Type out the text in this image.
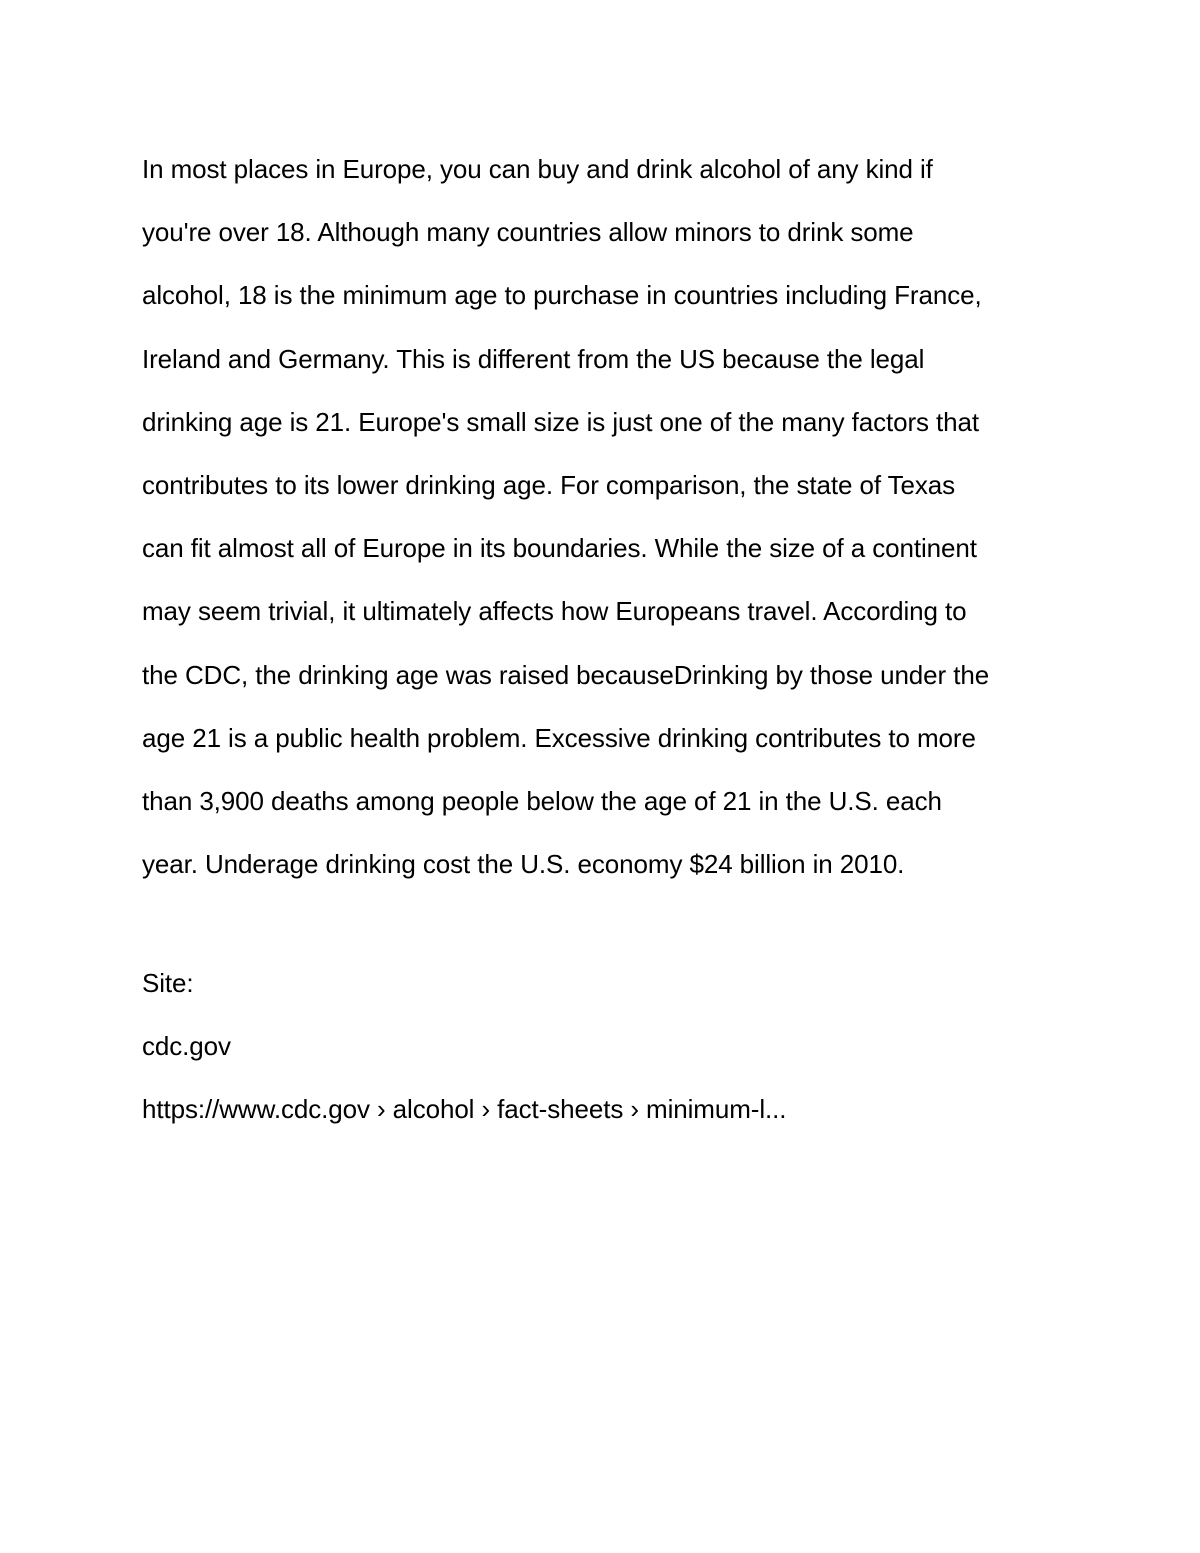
In most places in Europe, you can buy and drink alcohol of any kind if
you're over 18. Although many countries allow minors to drink some
alcohol, 18 is the minimum age to purchase in countries including France,
Ireland and Germany. This is different from the US because the legal
drinking age is 21. Europe's small size is just one of the many factors that
contributes to its lower drinking age. For comparison, the state of Texas
can fit almost all of Europe in its boundaries. While the size of a continent
may seem trivial, it ultimately affects how Europeans travel. According to
the CDC, the drinking age was raised becauseDrinking by those under the
age 21 is a public health problem. Excessive drinking contributes to more
than 3,900 deaths among people below the age of 21 in the U.S. each
year. Underage drinking cost the U.S. economy $24 billion in 2010.
Site:
cdc.gov
https://www.cdc.gov › alcohol › fact-sheets › minimum-l...
